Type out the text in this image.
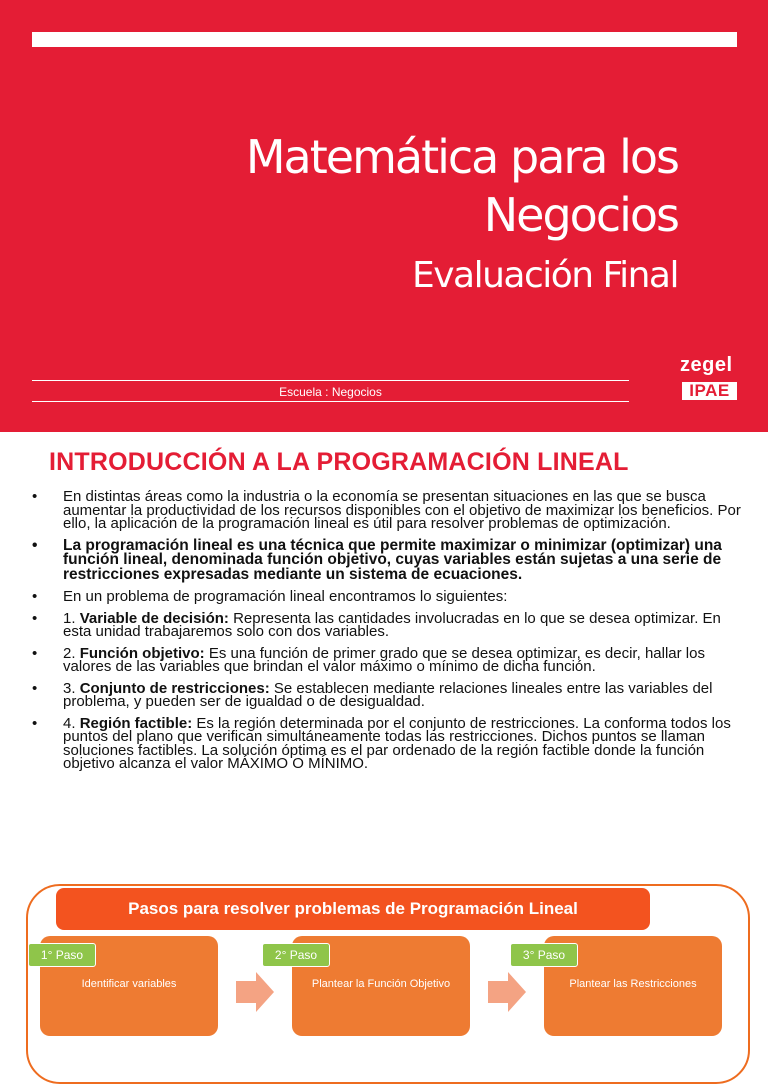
Matemática para los
Negocios
Evaluación Final
Escuela : Negocios
zegel
IPAE
INTRODUCCIÓN A LA PROGRAMACIÓN LINEAL
•	En distintas áreas como la industria o la economía se presentan situaciones en las que se busca aumentar la productividad de los recursos disponibles con el objetivo de maximizar los beneficios. Por ello, la aplicación de la programación lineal es útil para resolver problemas de optimización.
•	La programación lineal es una técnica que permite maximizar o minimizar (optimizar) una función lineal, denominada función objetivo, cuyas variables están sujetas a una serie de restricciones expresadas mediante un sistema de ecuaciones.
•	En un problema de programación lineal encontramos lo siguientes:
•	1. Variable de decisión: Representa las cantidades involucradas en lo que se desea optimizar. En esta unidad trabajaremos solo con dos variables.
•	2. Función objetivo: Es una función de primer grado que se desea optimizar, es decir, hallar los valores de las variables que brindan el valor máximo o mínimo de dicha función.
•	3. Conjunto de restricciones: Se establecen mediante relaciones lineales entre las variables del problema, y pueden ser de igualdad o de desigualdad.
•	4. Región factible: Es la región determinada por el conjunto de restricciones. La conforma todos los puntos del plano que verifican simultáneamente todas las restricciones. Dichos puntos se llaman soluciones factibles. La solución óptima es el par ordenado de la región factible donde la función objetivo alcanza el valor MÁXIMO O MÍNIMO.
Pasos para resolver problemas de Programación Lineal
1° Paso
Identificar variables
2° Paso
Plantear la Función Objetivo
3° Paso
Plantear las Restricciones
